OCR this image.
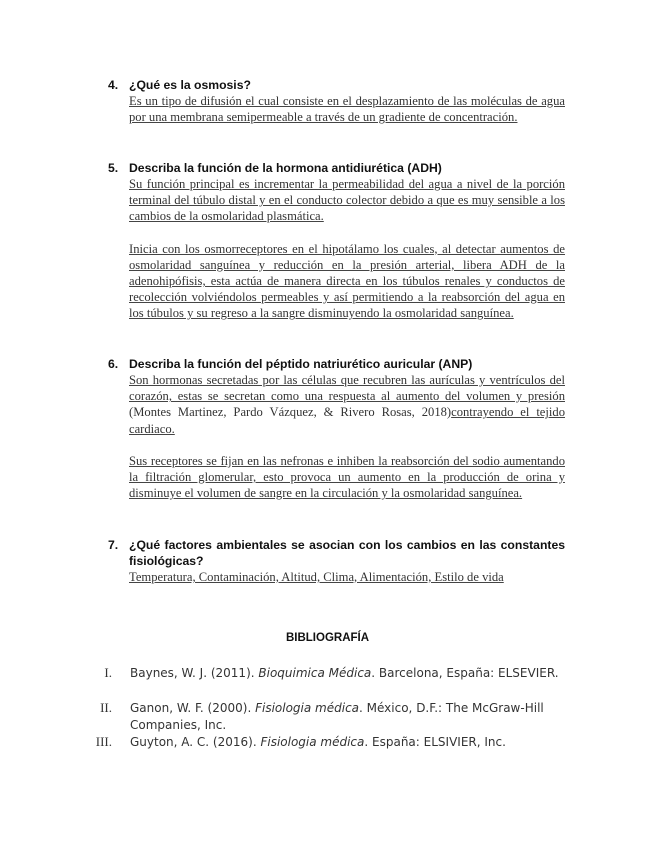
4. ¿Qué es la osmosis?

Es un tipo de difusión el cual consiste en el desplazamiento de las moléculas de agua por una membrana semipermeable a través de un gradiente de concentración.

5. Describa la función de la hormona antidiurética (ADH)

Su función principal es incrementar la permeabilidad del agua a nivel de la porción terminal del túbulo distal y en el conducto colector debido a que es muy sensible a los cambios de la osmolaridad plasmática.

Inicia con los osmorreceptores en el hipotálamo los cuales, al detectar aumentos de osmolaridad sanguínea y reducción en la presión arterial, libera ADH de la adenohipófisis, esta actúa de manera directa en los túbulos renales y conductos de recolección volviéndolos permeables y así permitiendo a la reabsorción del agua en los túbulos y su regreso a la sangre disminuyendo la osmolaridad sanguínea.

6. Describa la función del péptido natriurético auricular (ANP)

Son hormonas secretadas por las células que recubren las aurículas y ventrículos del corazón, estas se secretan como una respuesta al aumento del volumen y presión (Montes Martinez, Pardo Vázquez, & Rivero Rosas, 2018)contrayendo el tejido cardiaco.

Sus receptores se fijan en las nefronas e inhiben la reabsorción del sodio aumentando la filtración glomerular, esto provoca un aumento en la producción de orina y disminuye el volumen de sangre en la circulación y la osmolaridad sanguínea.

7. ¿Qué factores ambientales se asocian con los cambios en las constantes fisiológicas?

Temperatura, Contaminación, Altitud, Clima, Alimentación, Estilo de vida

BIBLIOGRAFÍA
I. Baynes, W. J. (2011). Bioquimica Médica. Barcelona, España: ELSEVIER.
II. Ganon, W. F. (2000). Fisiologia médica. México, D.F.: The McGraw-Hill Companies, Inc.
III. Guyton, A. C. (2016). Fisiologia médica. España: ELSIVIER, Inc.
